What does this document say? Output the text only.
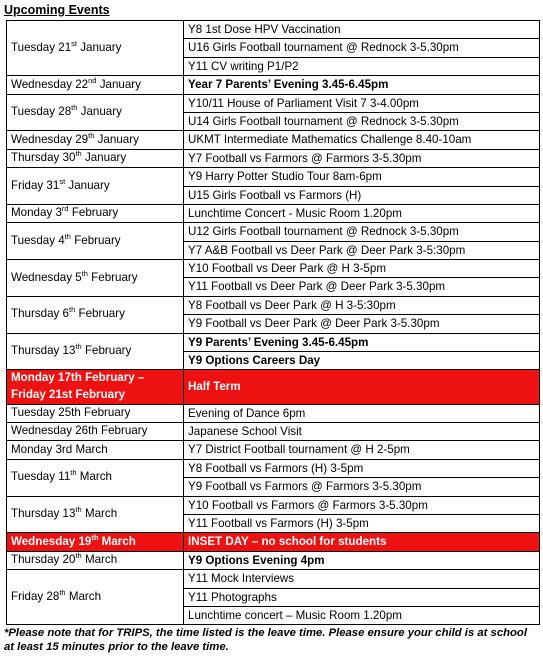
Upcoming Events
Tuesday 21st January	Y8 1st Dose HPV Vaccination
U16 Girls Football tournament @ Rednock 3-5.30pm
Y11 CV writing P1/P2

Wednesday 22nd January	Year 7 Parents’ Evening 3.45-6.45pm

Tuesday 28th January	Y10/11 House of Parliament Visit 7 3-4.00pm
U14 Girls Football tournament @ Rednock 3-5.30pm

Wednesday 29th January	UKMT Intermediate Mathematics Challenge 8.40-10am

Thursday 30th January	Y7 Football vs Farmors @ Farmors 3-5.30pm

Friday 31st January	Y9 Harry Potter Studio Tour 8am-6pm
U15 Girls Football vs Farmors (H)

Monday 3rd February	Lunchtime Concert - Music Room 1.20pm

Tuesday 4th February	U12 Girls Football tournament @ Rednock 3-5.30pm
Y7 A&B Football vs Deer Park @ Deer Park 3-5:30pm

Wednesday 5th February	Y10 Football vs Deer Park @ H 3-5pm
Y11 Football vs Deer Park @ Deer Park 3-5.30pm

Thursday 6th February	Y8 Football vs Deer Park @ H 3-5:30pm
Y9 Football vs Deer Park @ Deer Park 3-5.30pm

Thursday 13th February	Y9 Parents’ Evening 3.45-6.45pm
Y9 Options Careers Day

Monday 17th February – Friday 21st February	Half Term

Tuesday 25th February	Evening of Dance 6pm

Wednesday 26th February	Japanese School Visit

Monday 3rd March	Y7 District Football tournament @ H 2-5pm

Tuesday 11th March	Y8 Football vs Farmors (H) 3-5pm
Y9 Football vs Farmors @ Farmors 3-5.30pm

Thursday 13th March	Y10 Football vs Farmors @ Farmors 3-5.30pm
Y11 Football vs Farmors (H) 3-5pm

Wednesday 19th March	INSET DAY – no school for students

Thursday 20th March	Y9 Options Evening 4pm

Friday 28th March	Y11 Mock Interviews
Y11 Photographs
Lunchtime concert – Music Room 1.20pm
*Please note that for TRIPS, the time listed is the leave time. Please ensure your child is at school at least 15 minutes prior to the leave time.
